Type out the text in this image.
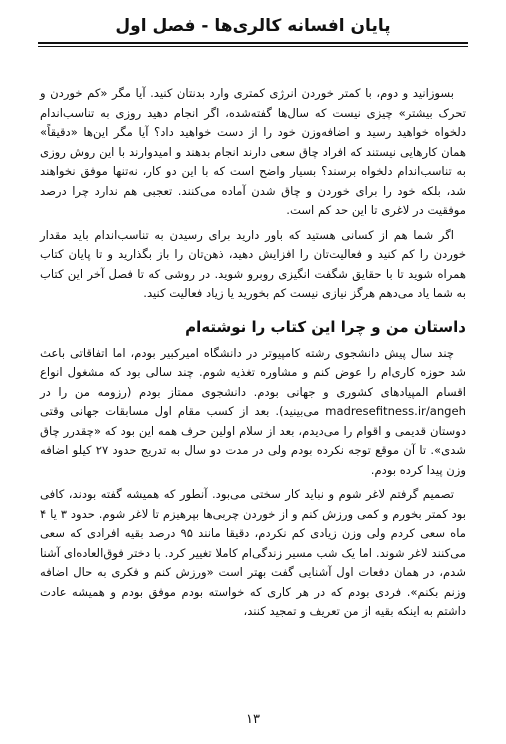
پایان افسانه کالری‌ها - فصل اول

بسوزانید و دوم، با کمتر خوردن انرژی کمتری وارد بدنتان کنید. آیا مگر «کم خوردن و تحرک بیشتر» چیزی نیست که سال‌ها گفته‌شده، اگر انجام دهید روزی به تناسب‌اندام دلخواه خواهید رسید و اضافه‌وزن خود را از دست خواهید داد؟ آیا مگر این‌ها «دقیقاً» همان کارهایی نیستند که افراد چاق سعی دارند انجام بدهند و امیدوارند با این روش روزی به تناسب‌اندام دلخواه برسند؟ بسیار واضح است که با این دو کار، نه‌تنها موفق نخواهند شد، بلکه خود را برای خوردن و چاق شدن آماده می‌کنند. تعجبی هم ندارد چرا درصد موفقیت در لاغری تا این حد کم است.

اگر شما هم از کسانی هستید که باور دارید برای رسیدن به تناسب‌اندام باید مقدار خوردن را کم کنید و فعالیت‌تان را افزایش دهید، ذهن‌تان را باز بگذارید و تا پایان کتاب همراه شوید تا با حقایق شگفت انگیزی روبرو شوید. در روشی که تا فصل آخر این کتاب به شما یاد می‌دهم هرگز نیازی نیست کم بخورید یا زیاد فعالیت کنید.

داستان من و چرا این کتاب را نوشته‌ام

چند سال پیش دانشجوی رشته کامپیوتر در دانشگاه امیرکبیر بودم، اما اتفاقاتی باعث شد حوزه کاری‌ام را عوض کنم و مشاوره تغذیه شوم. چند سالی بود که مشغول انواع اقسام المپیادهای کشوری و جهانی بودم. دانشجوی ممتاز بودم (رزومه من را در madresefitness.ir/angeh می‌بینید). بعد از کسب مقام اول مسابقات جهانی وقتی دوستان قدیمی و اقوام را می‌دیدم، بعد از سلام اولین حرف همه این بود که «چقدرر چاق شدی». تا آن موقع توجه نکرده بودم ولی در مدت دو سال به تدریج حدود ۲۷ کیلو اضافه وزن پیدا کرده بودم.

تصمیم گرفتم لاغر شوم و نباید کار سختی می‌بود. آنطور که همیشه گفته بودند، کافی بود کمتر بخورم و کمی ورزش کنم و از خوردن چربی‌ها بپرهیزم تا لاغر شوم. حدود ۳ یا ۴ ماه سعی کردم ولی وزن زیادی کم نکردم، دقیقا مانند ۹۵ درصد بقیه افرادی که سعی می‌کنند لاغر شوند. اما یک شب مسیر زندگی‌ام کاملا تغییر کرد. با دختر فوق‌العاده‌ای آشنا شدم، در همان دفعات اول آشنایی گفت بهتر است «ورزش کنم و فکری به حال اضافه وزنم بکنم». فردی بودم که در هر کاری که خواسته بودم موفق بودم و همیشه عادت داشتم به اینکه بقیه از من تعریف و تمجید کنند،

۱۳
